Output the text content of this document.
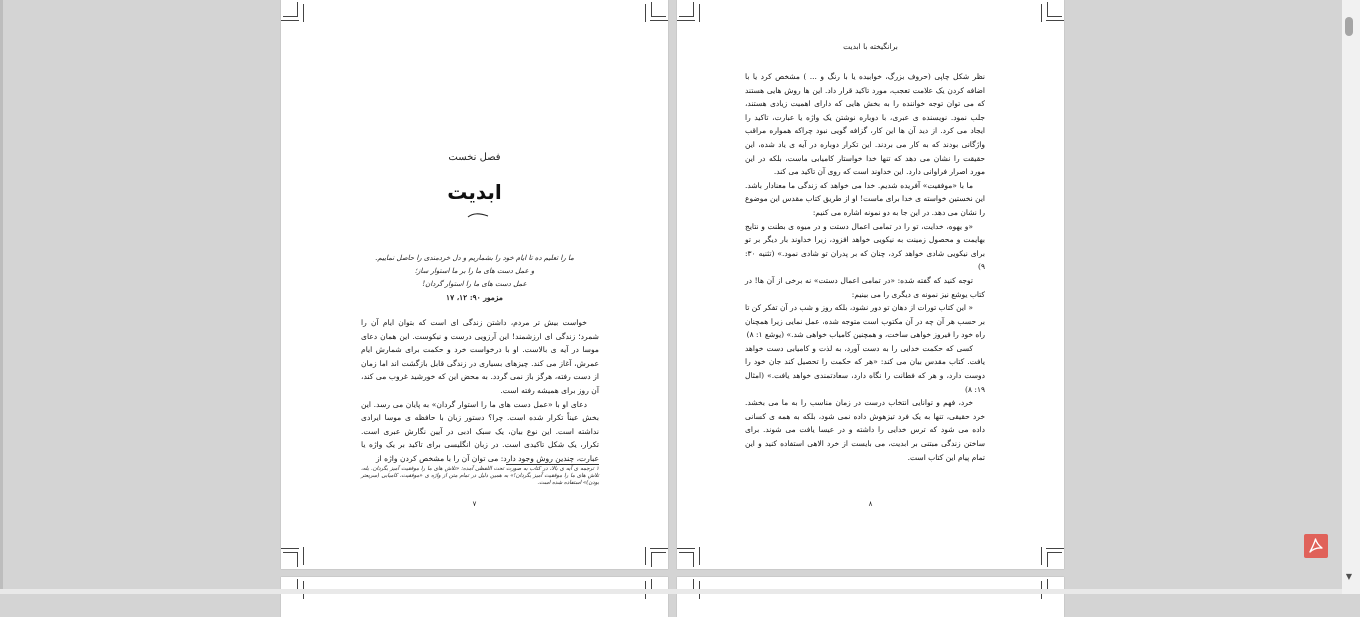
فصل نخست
ابدیت
ما را تعلیم ده تا ایام خود را بشماریم و دل خردمندی را حاصل نماییم.
و عمل دست های ما را بر ما استوار ساز؛
عمل دست های ما را استوار گردان!
مزمور ۹۰: ۱۲، ۱۷

خواست بیش تر مردم، داشتن زندگی ای است که بتوان ایام آن را شمرد؛ زندگی ای ارزشمند! این آرزویی درست و نیکوست. این همان دعای موسا در آیه ی بالاست. او با درخواست خرد و حکمت برای شمارش ایام عمرش، آغاز می کند. چیزهای بسیاری در زندگی قابل بازگشت اند اما زمان از دست رفته، هرگز باز نمی گردد. به محض این که خورشید غروب می کند، آن روز برای همیشه رفته است.

دعای او با «عمل دست های ما را استوار گردان» به پایان می رسد. این بخش عیناً تکرار شده است. چرا؟ دستور زبان با حافظه ی موسا ایرادی نداشته است. این نوع بیان، یک سبک ادبی در آیین نگارش عبری است. تکرار، یک شکل تاکیدی است. در زبان انگلیسی برای تاکید بر یک واژه یا عبارت، چندین روش وجود دارد: می توان آن را با مشخص کردن واژه از

۱ ترجمه ی آیه ی بالا، در کتاب به صورت تحت اللفظی آمده: «تلاش های ما را موفقیت آمیز بگردان. بله، تلاش های ما را موفقیت آمیز بگردان!» به همین دلیل در تمام متن از واژه ی «موفقیت، کامیابی (سریعتر بودن)» استفاده شده است.
۷
برانگیخته با ابدیت

نظر شکل چاپی (حروف بزرگ، خوابیده یا با رنگ و ... ) مشخص کرد یا با اضافه کردن یک علامت تعجب، مورد تاکید قرار داد. این ها روش هایی هستند که می توان توجه خواننده را به بخش هایی که دارای اهمیت زیادی هستند، جلب نمود. نویسنده ی عبری، با دوباره نوشتن یک واژه یا عبارت، تاکید را ایجاد می کرد. از دید آن ها این کار، گزافه گویی نبود چراکه همواره مراقب واژگانی بودند که به کار می بردند. این تکرار دوباره در آیه ی یاد شده، این حقیقت را نشان می دهد که تنها خدا خواستار کامیابی ماست، بلکه در این مورد اصرار فراوانی دارد. این خداوند است که روی آن تاکید می کند.

ما با «موفقیت» آفریده شدیم. خدا می خواهد که زندگی ما معنادار باشد. این نخستین خواسته ی خدا برای ماست! او از طریق کتاب مقدس این موضوع را نشان می دهد. در این جا به دو نمونه اشاره می کنیم:

«و یهوه، خدایت، تو را در تمامی اعمال دستت و در میوه ی بطنت و نتایج بهایمت و محصول زمینت به نیکویی خواهد افزود، زیرا خداوند بار دیگر بر تو برای نیکویی شادی خواهد کرد، چنان که بر پدران تو شادی نمود.» (تثنیه ۳۰: ۹)

توجه کنید که گفته شده: «در تمامی اعمال دستت» نه برخی از آن ها! در کتاب یوشع نیز نمونه ی دیگری را می بینیم:

« این کتاب تورات از دهان تو دور نشود، بلکه روز و شب در آن تفکر کن تا بر حسب هر آن چه در آن مکتوب است متوجه شده، عمل نمایی زیرا همچنان راه خود را فیروز خواهی ساخت، و همچنین کامیاب خواهی شد.» (یوشع ۱: ۸)

کسی که حکمت خدایی را به دست آورد، به لذت و کامیابی دست خواهد یافت. کتاب مقدس بیان می کند: «هر که حکمت را تحصیل کند جان خود را دوست دارد، و هر که فطانت را نگاه دارد، سعادتمندی خواهد یافت.» (امثال ۱۹: ۸)

خرد، فهم و توانایی انتخاب درست در زمان مناسب را به ما می بخشد. خرد حقیقی، تنها به یک فرد تیزهوش داده نمی شود، بلکه به همه ی کسانی داده می شود که ترس خدایی را داشته و در عیسا یافت می شوند. برای ساختن زندگی مبتنی بر ابدیت، می بایست از خرد الاهی استفاده کنید و این تمام پیام این کتاب است.

۸
▼
